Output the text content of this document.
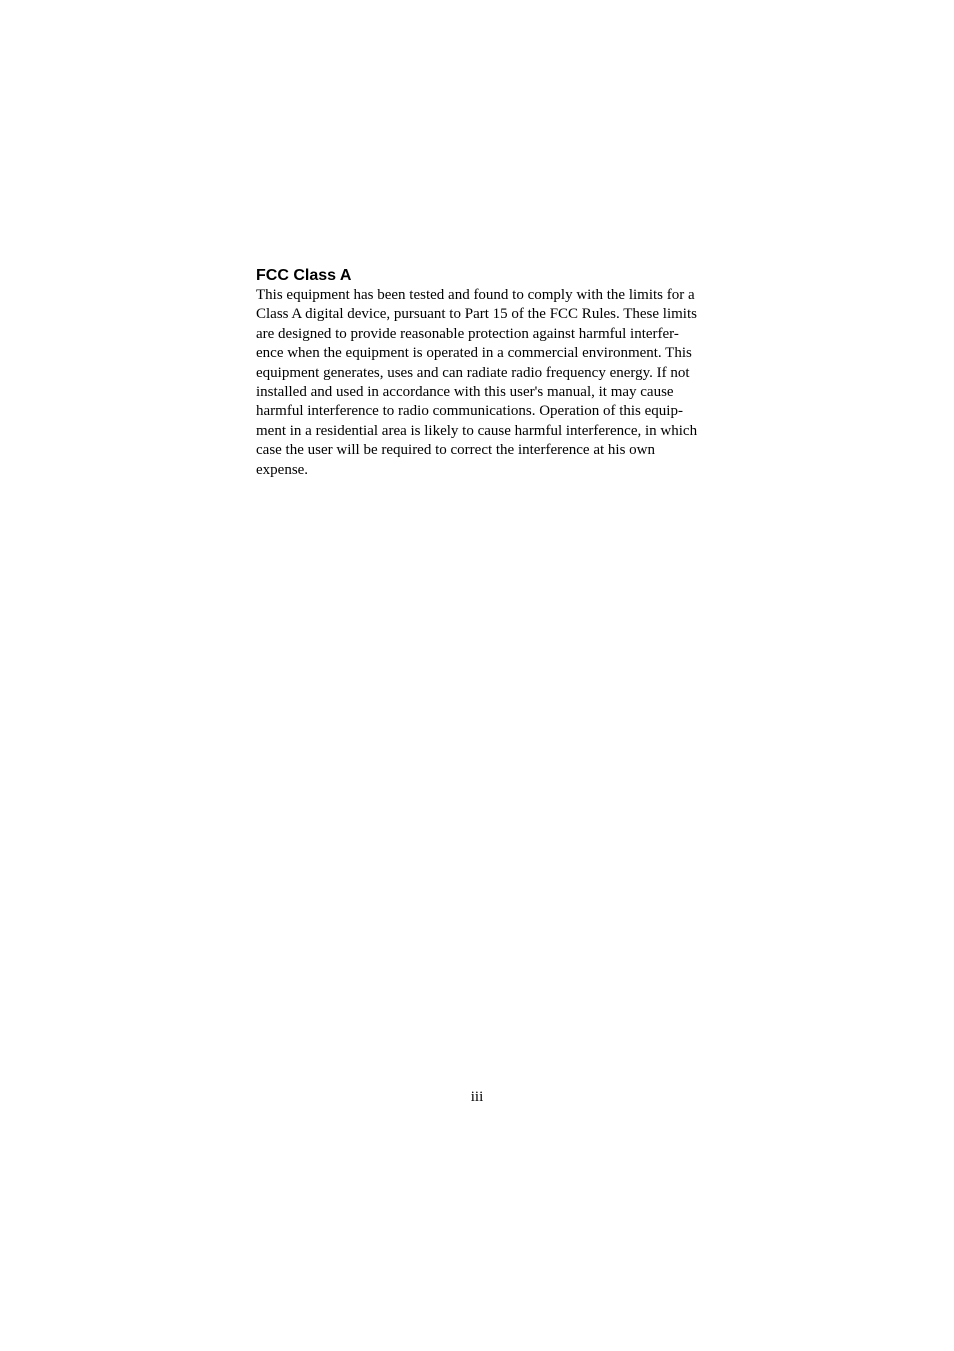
FCC Class A
This equipment has been tested and found to comply with the limits for a
Class A digital device, pursuant to Part 15 of the FCC Rules. These limits
are designed to provide reasonable protection against harmful interfer-
ence when the equipment is operated in a commercial environment. This
equipment generates, uses and can radiate radio frequency energy. If not
installed and used in accordance with this user's manual, it may cause
harmful interference to radio communications. Operation of this equip-
ment in a residential area is likely to cause harmful interference, in which
case the user will be required to correct the interference at his own
expense.
iii
